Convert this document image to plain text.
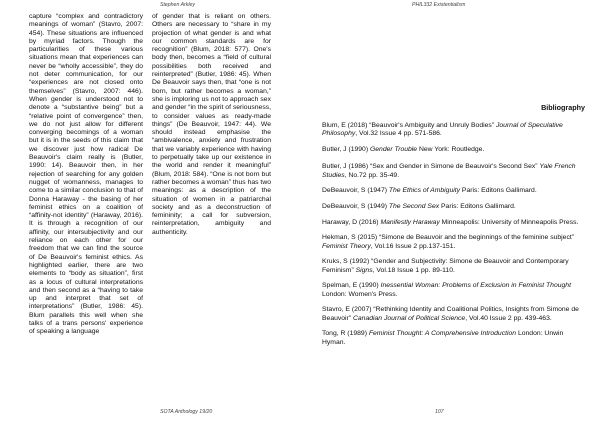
Stephen Arkley

capture “complex and contradictory meanings of woman” (Stavro, 2007: 454). These situations are influenced by myriad factors. Though the particularities of these various situations mean that experiences can never be “wholly accessible”, they do not deter communication, for our “experiences are not closed onto themselves” (Stavro, 2007: 446). When gender is understood not to denote a “substantive being” but a “relative point of convergence” then, we do not just allow for different converging becomings of a woman but it is in the seeds of this claim that we discover just how radical De Beauvoir's claim really is (Butler, 1990: 14). Beauvoir then, in her rejection of searching for any golden nugget of womanness, manages to come to a similar conclusion to that of Donna Haraway - the basing of her feminist ethics on a coalition of “affinity-not identity” (Haraway, 2016). It is through a recognition of our affinity, our intersubjectivity and our reliance on each other for our freedom that we can find the source of De Beauvoir's feminist ethics. As highlighted earlier, there are two elements to “body as situation”, first as a locus of cultural interpretations and then second as a “having to take up and interpret that set of interpretations” (Butler, 1986: 45). Blum parallels this well when she talks of a trans persons' experience of speaking a language

of gender that is reliant on others. Others are necessary to “share in my projection of what gender is and what our common standards are for recognition” (Blum, 2018: 577). One's body then, becomes a “field of cultural possibilities both received and reinterpreted” (Butler, 1986: 45). When De Beauvoir says then, that “one is not born, but rather becomes a woman,” she is imploring us not to approach sex and gender “in the spirit of seriousness, to consider values as ready-made things” (De Beauvoir, 1947: 44). We should instead emphasise the “ambivalence, anxiety and frustration that we variably experience with having to perpetually take up our existence in the world and render it meaningful” (Blum, 2018: 584). “One is not born but rather becomes a woman” thus has two meanings: as a description of the situation of women in a patriarchal society and as a deconstruction of femininity; a call for subversion, reinterpretation, ambiguity and authenticity.

SOTA Anthology 19/20
PHIL332 Existentialism
Bibliography
Blum, E (2018) “Beauvoir's Ambiguity and Unruly Bodies” Journal of Speculative Philosophy, Vol.32 Issue 4 pp. 571-586.
Butler, J (1990) Gender Trouble New York: Routledge.
Butler, J (1986) “Sex and Gender in Simone de Beauvoir's Second Sex” Yale French Studies, No.72 pp. 35-49.
DeBeauvoir, S (1947) The Ethics of Ambiguity Paris: Editons Gallimard.
DeBeauvoir, S (1949) The Second Sex Paris: Editons Gallimard.
Haraway, D (2016) Manifestly Haraway Minneapolis: University of Minneapolis Press.
Hekman, S (2015) “Simone de Beauvoir and the beginnings of the feminine subject” Feminist Theory, Vol.16 Issue 2 pp.137-151.
Kruks, S (1992) “Gender and Subjectivity: Simone de Beauvoir and Contemporary Feminism” Signs, Vol.18 Issue 1 pp. 89-110.
Spelman, E (1990) Inessential Woman: Problems of Exclusion in Feminist Thought London: Women's Press.
Stavro, E (2007) “Rethinking Identity and Coalitional Politics, Insights from Simone de Beauvoir” Canadian Journal of Political Science, Vol.40 Issue 2 pp. 439-463.
Tong, R (1989) Feminist Thought: A Comprehensive Introduction London: Unwin Hyman.
107
